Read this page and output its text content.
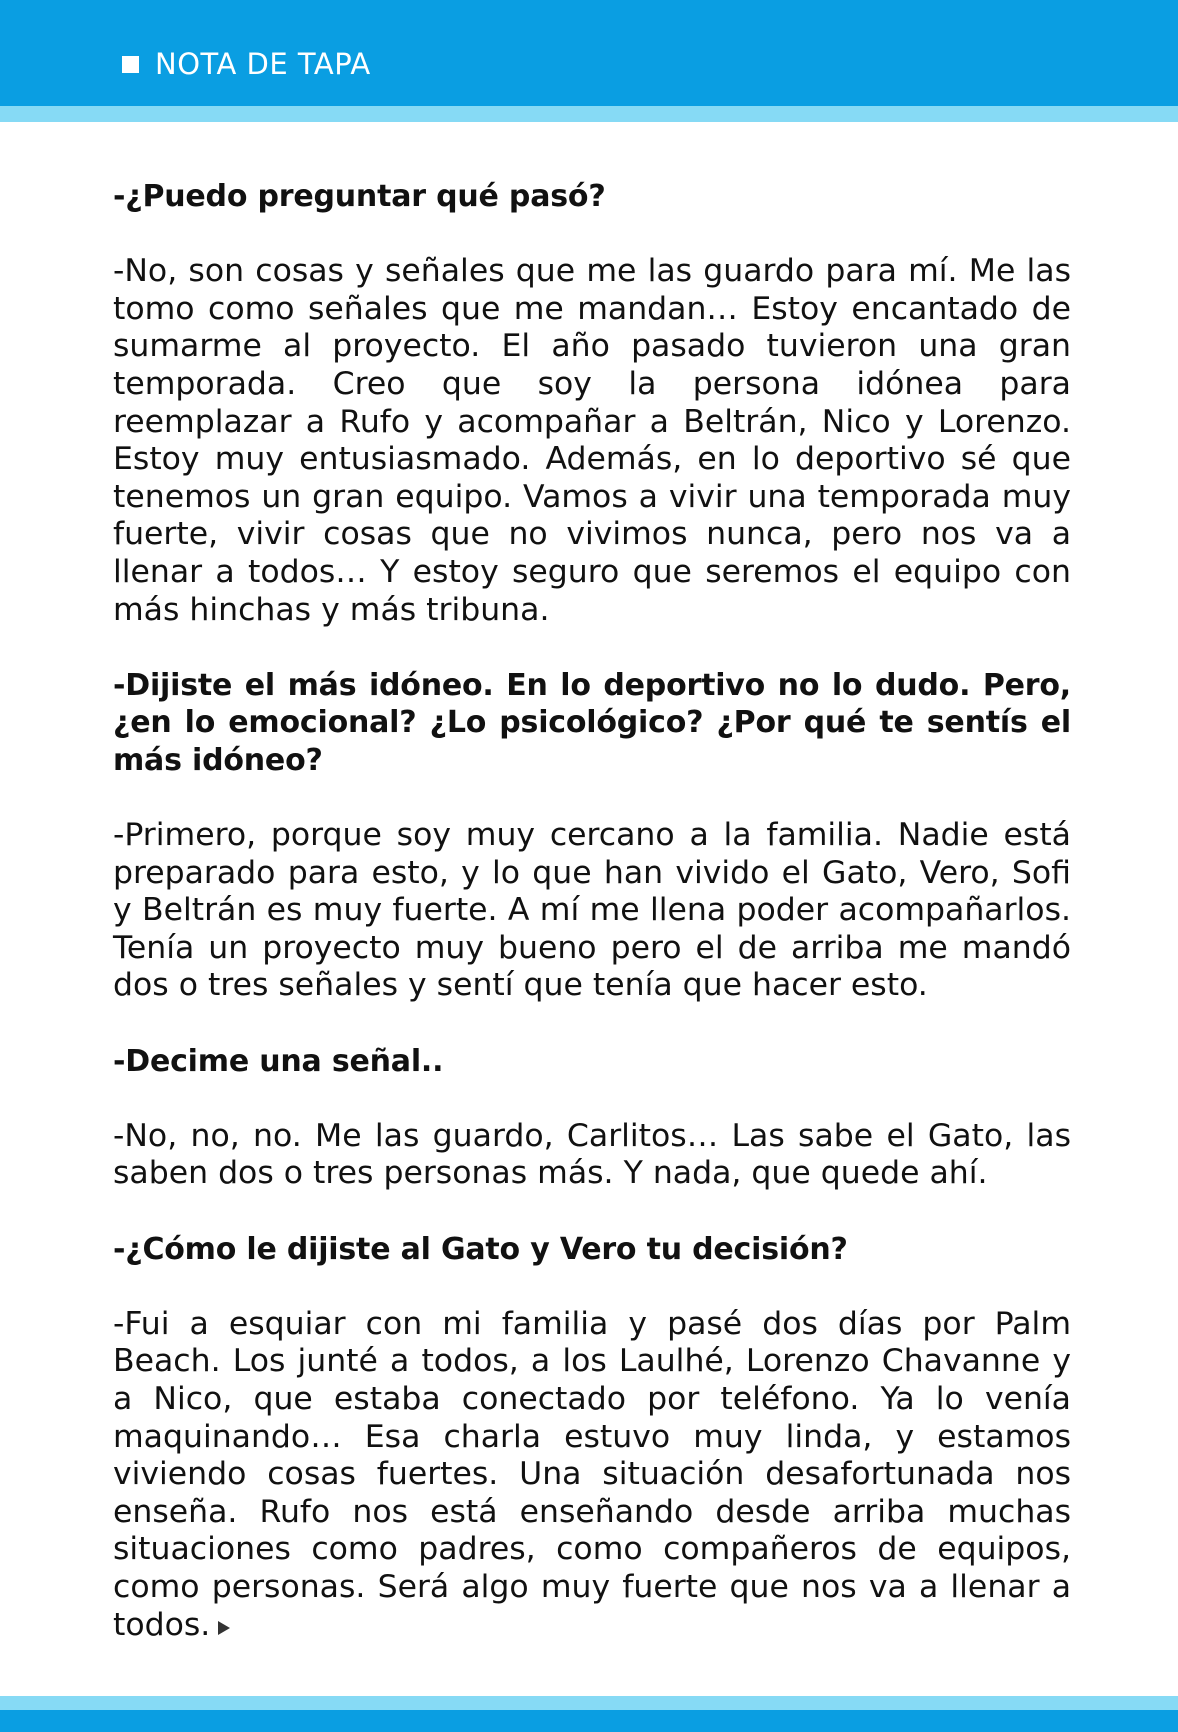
NOTA DE TAPA

-¿Puedo preguntar qué pasó?

-No, son cosas y señales que me las guardo para mí. Me las tomo como señales que me mandan… Estoy encantado de sumarme al proyecto. El año pasado tuvieron una gran temporada. Creo que soy la persona idónea para reemplazar a Rufo y acompañar a Beltrán, Nico y Lorenzo. Estoy muy entusiasmado. Además, en lo deportivo sé que tenemos un gran equipo. Vamos a vivir una temporada muy fuerte, vivir cosas que no vivimos nunca, pero nos va a llenar a todos… Y estoy seguro que seremos el equipo con más hinchas y más tribuna.

-Dijiste el más idóneo. En lo deportivo no lo dudo. Pero, ¿en lo emocional? ¿Lo psicológico? ¿Por qué te sentís el más idóneo?

-Primero, porque soy muy cercano a la familia. Nadie está preparado para esto, y lo que han vivido el Gato, Vero, Sofi y Beltrán es muy fuerte. A mí me llena poder acompañarlos. Tenía un proyecto muy bueno pero el de arriba me mandó dos o tres señales y sentí que tenía que hacer esto.

-Decime una señal..

-No, no, no. Me las guardo, Carlitos… Las sabe el Gato, las saben dos o tres personas más. Y nada, que quede ahí.

-¿Cómo le dijiste al Gato y Vero tu decisión?

-Fui a esquiar con mi familia y pasé dos días por Palm Beach. Los junté a todos, a los Laulhé, Lorenzo Chavanne y a Nico, que estaba conectado por teléfono. Ya lo venía maquinando… Esa charla estuvo muy linda, y estamos viviendo cosas fuertes. Una situación desafortunada nos enseña. Rufo nos está enseñando desde arriba muchas situaciones como padres, como compañeros de equipos, como personas. Será algo muy fuerte que nos va a llenar a todos.
